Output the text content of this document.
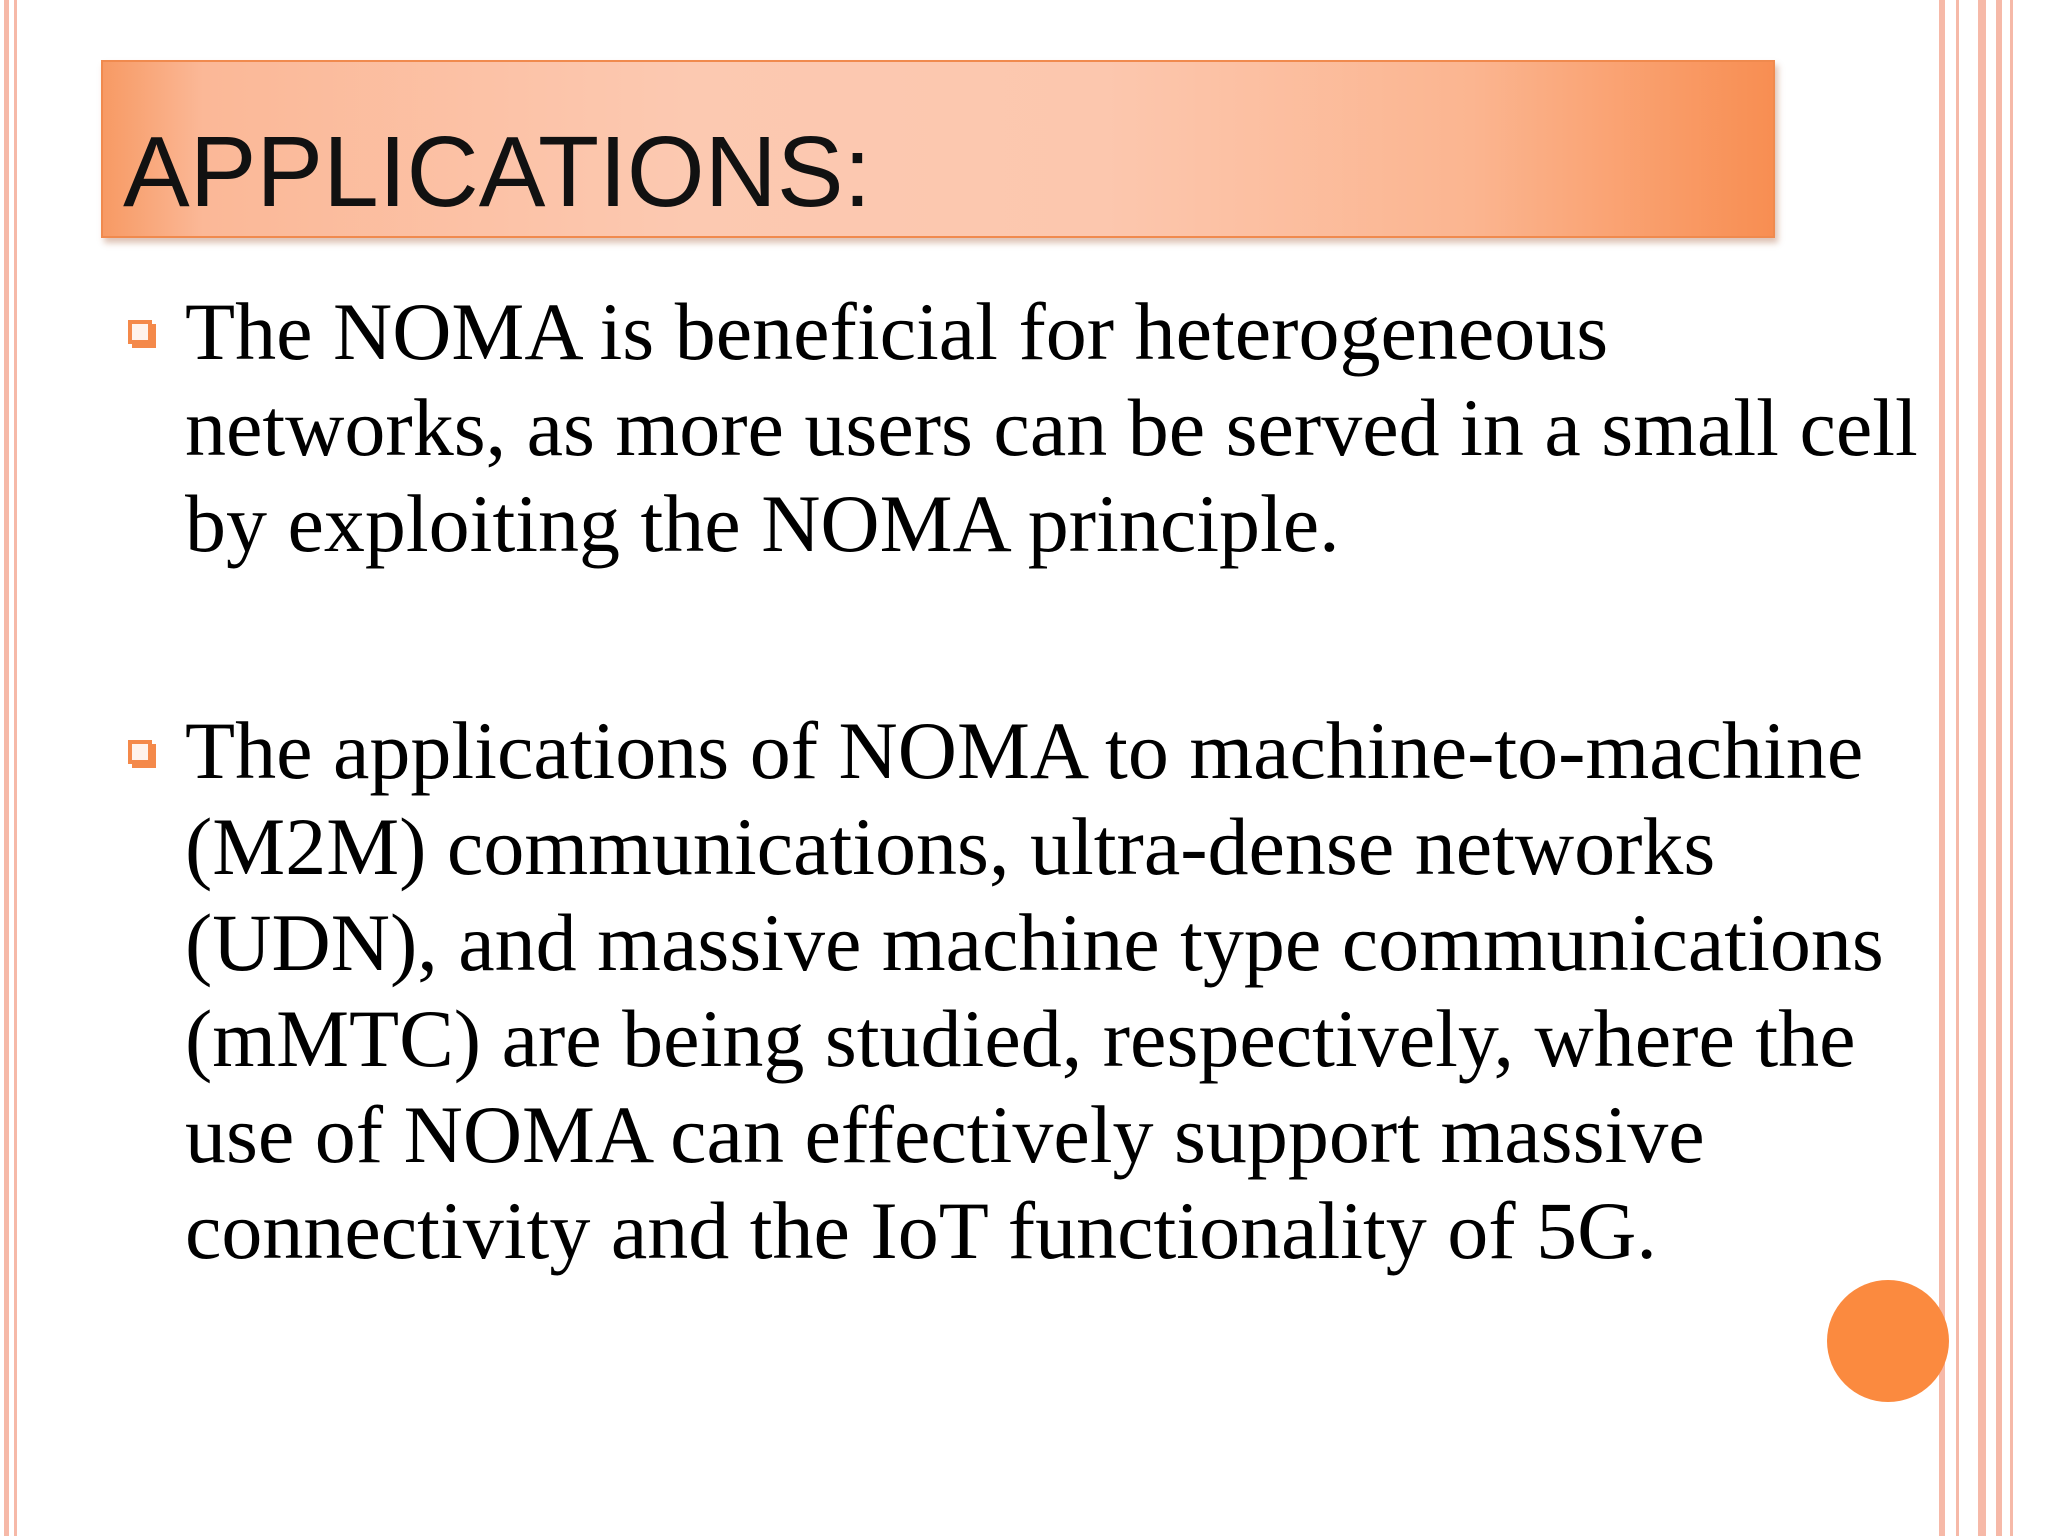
APPLICATIONS:

The NOMA is beneficial for heterogeneous networks, as more users can be served in a small cell by exploiting the NOMA principle.

The applications of NOMA to machine-to-machine (M2M) communications, ultra-dense networks (UDN), and massive machine type communications (mMTC) are being studied, respectively, where the use of NOMA can effectively support massive connectivity and the IoT functionality of 5G.
